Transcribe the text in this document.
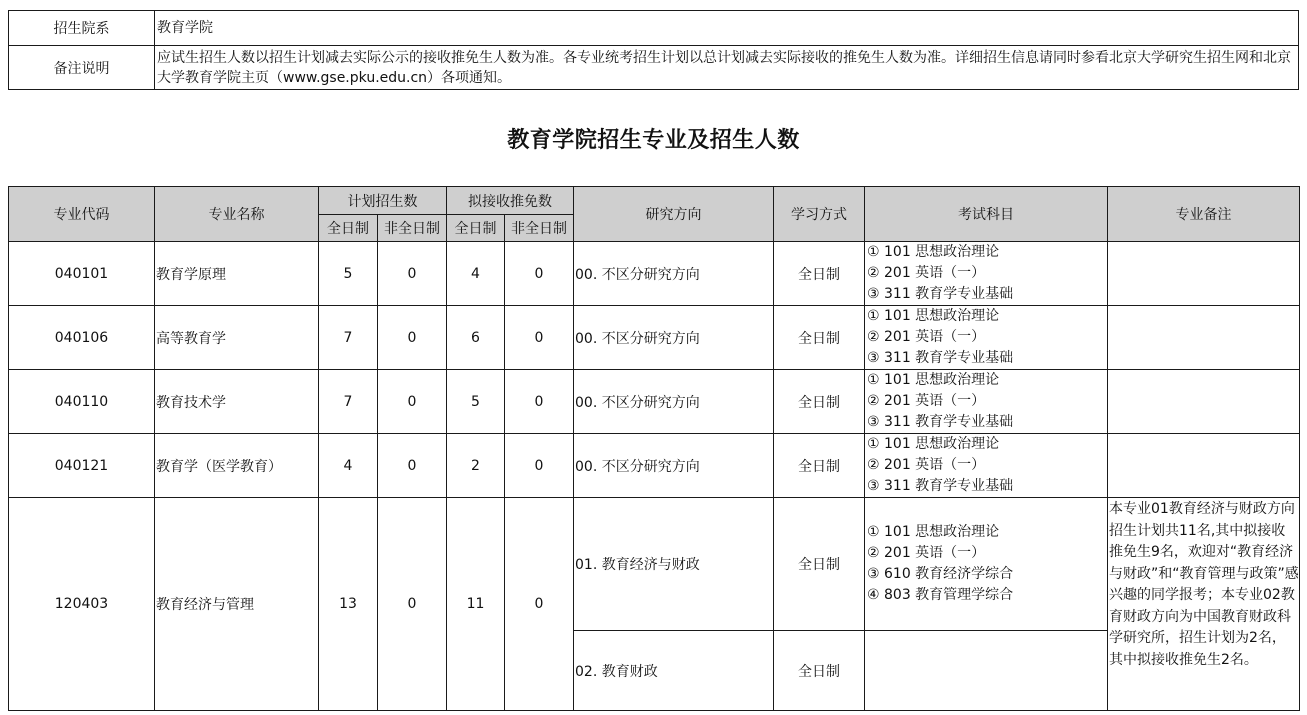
招生院系	教育学院
备注说明	应试生招生人数以招生计划减去实际公示的接收推免生人数为准。各专业统考招生计划以总计划减去实际接收的推免生人数为准。详细招生信息请同时参看北京大学研究生招生网和北京大学教育学院主页（www.gse.pku.edu.cn）各项通知。
教育学院招生专业及招生人数
专业代码	专业名称	计划招生数		拟接收推免数		研究方向	学习方式	考试科目	专业备注
		全日制	非全日制	全日制	非全日制				
040101	教育学原理	5	0	4	0	00. 不区分研究方向	全日制	① 101 思想政治理论
② 201 英语（一）
③ 311 教育学专业基础	

040106	高等教育学	7	0	6	0	00. 不区分研究方向	全日制	① 101 思想政治理论
② 201 英语（一）
③ 311 教育学专业基础	

040110	教育技术学	7	0	5	0	00. 不区分研究方向	全日制	① 101 思想政治理论
② 201 英语（一）
③ 311 教育学专业基础	

040121	教育学（医学教育）	4	0	2	0	00. 不区分研究方向	全日制	① 101 思想政治理论
② 201 英语（一）
③ 311 教育学专业基础	

120403	教育经济与管理	13	0	11	0	01. 教育经济与财政	全日制	① 101 思想政治理论
② 201 英语（一）
③ 610 教育经济学综合
④ 803 教育管理学综合	本专业01教育经济与财政方向招生计划共11名,其中拟接收推免生9名，欢迎对“教育经济与财政”和“教育管理与政策”感兴趣的同学报考；本专业02教育财政方向为中国教育财政科学研究所，招生计划为2名，其中拟接收推免生2名。
						02. 教育财政	全日制		
